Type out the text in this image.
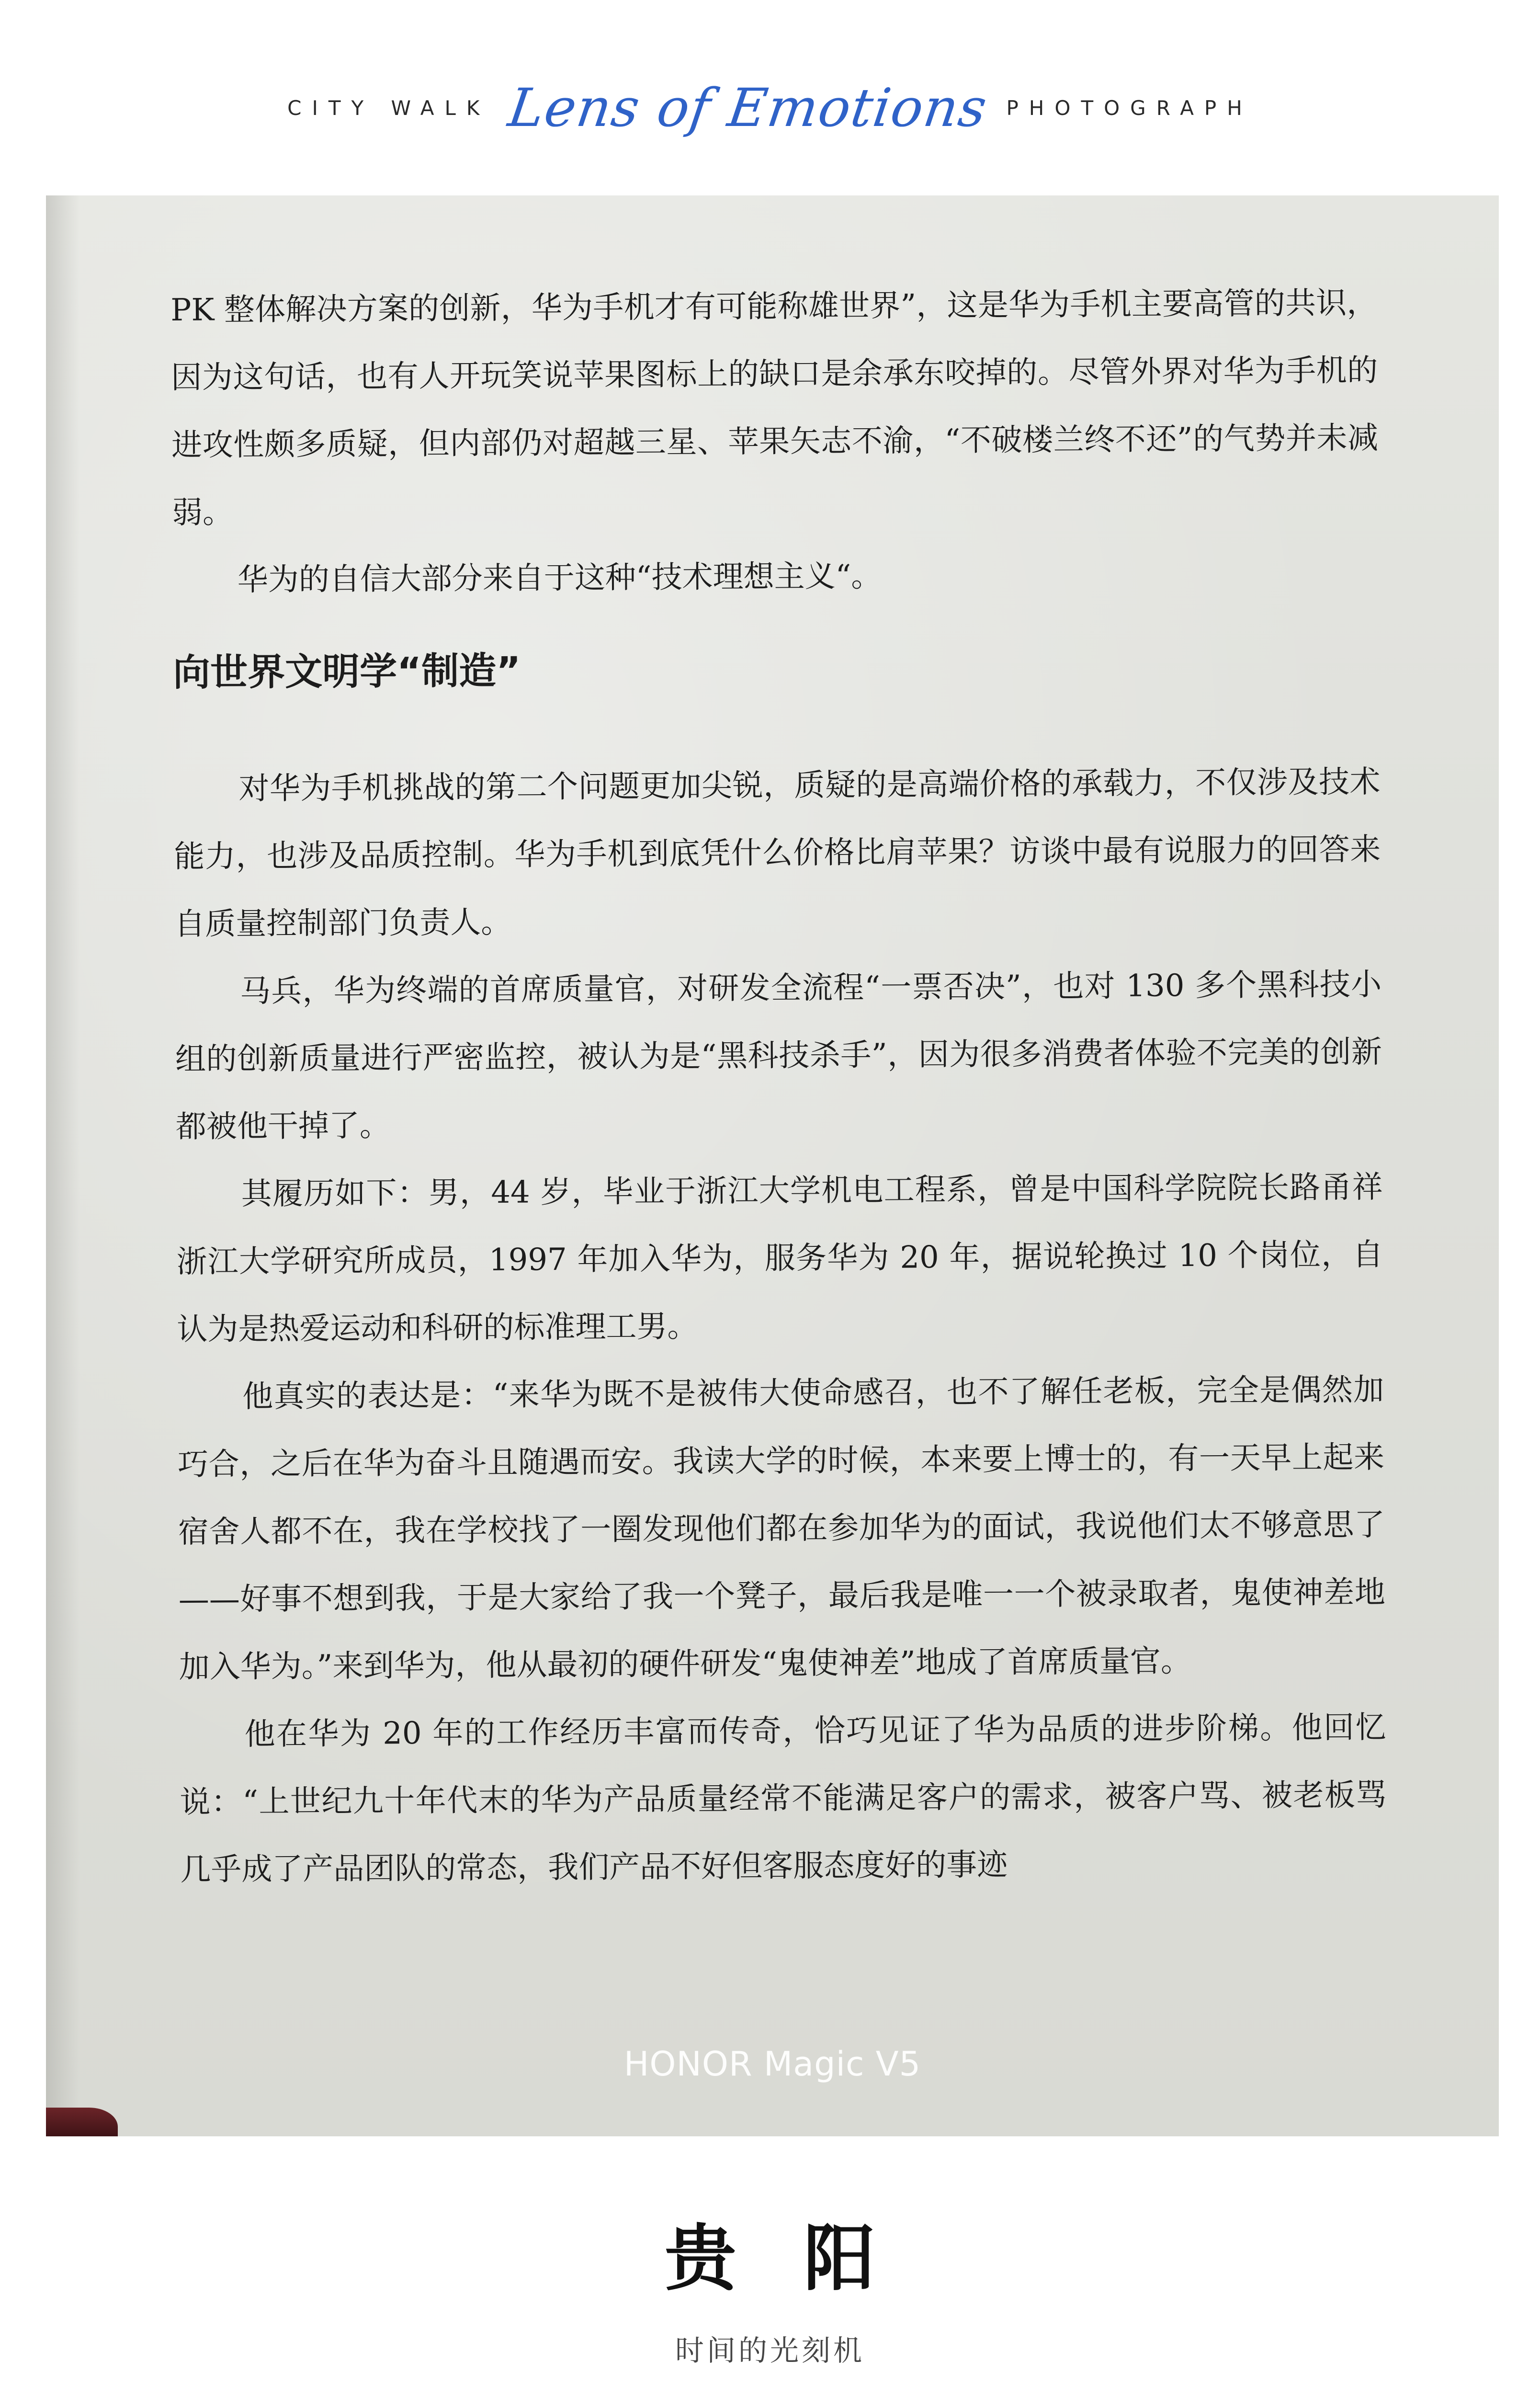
CITY WALK Lens of Emotions PHOTOGRAPH

PK 整体解决方案的创新，华为手机才有可能称雄世界”，这是华为手机主要高管的共识，因为这句话，也有人开玩笑说苹果图标上的缺口是余承东咬掉的。尽管外界对华为手机的进攻性颇多质疑，但内部仍对超越三星、苹果矢志不渝，“不破楼兰终不还”的气势并未减弱。

华为的自信大部分来自于这种“技术理想主义“。

向世界文明学“制造”

对华为手机挑战的第二个问题更加尖锐，质疑的是高端价格的承载力，不仅涉及技术能力，也涉及品质控制。华为手机到底凭什么价格比肩苹果？访谈中最有说服力的回答来自质量控制部门负责人。

马兵，华为终端的首席质量官，对研发全流程“一票否决”，也对 130 多个黑科技小组的创新质量进行严密监控，被认为是“黑科技杀手”，因为很多消费者体验不完美的创新都被他干掉了。

其履历如下：男，44 岁，毕业于浙江大学机电工程系，曾是中国科学院院长路甬祥浙江大学研究所成员，1997 年加入华为，服务华为 20 年，据说轮换过 10 个岗位，自认为是热爱运动和科研的标准理工男。

他真实的表达是：“来华为既不是被伟大使命感召，也不了解任老板，完全是偶然加巧合，之后在华为奋斗且随遇而安。我读大学的时候，本来要上博士的，有一天早上起来宿舍人都不在，我在学校找了一圈发现他们都在参加华为的面试，我说他们太不够意思了——好事不想到我，于是大家给了我一个凳子，最后我是唯一一个被录取者，鬼使神差地加入华为。”来到华为，他从最初的硬件研发“鬼使神差”地成了首席质量官。

他在华为 20 年的工作经历丰富而传奇，恰巧见证了华为品质的进步阶梯。他回忆说：“上世纪九十年代末的华为产品质量经常不能满足客户的需求，被客户骂、被老板骂几乎成了产品团队的常态，我们产品不好但客服态度好的事迹

HONOR Magic V5
贵阳
时间的光刻机
